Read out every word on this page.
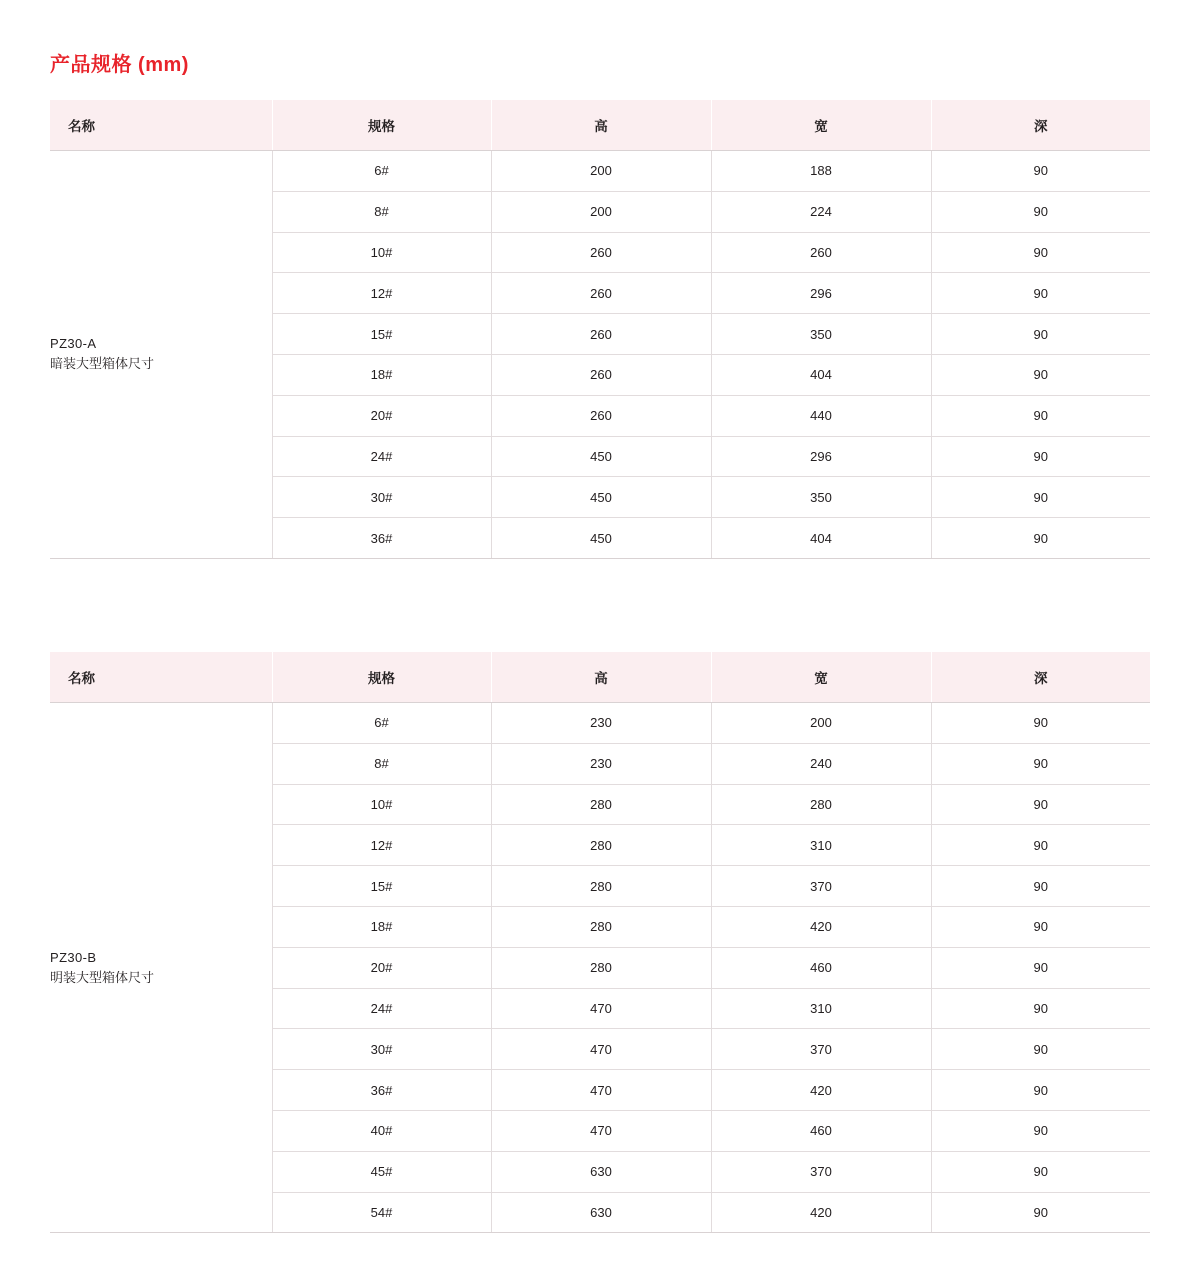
产品规格 (mm)
名称	规格	高	宽	深

PZ30-A
暗装大型箱体尺寸	6#	200	188	90
	8#	200	224	90
	10#	260	260	90
	12#	260	296	90
	15#	260	350	90
	18#	260	404	90
	20#	260	440	90
	24#	450	296	90
	30#	450	350	90
	36#	450	404	90
名称	规格	高	宽	深

PZ30-B
明装大型箱体尺寸	6#	230	200	90
	8#	230	240	90
	10#	280	280	90
	12#	280	310	90
	15#	280	370	90
	18#	280	420	90
	20#	280	460	90
	24#	470	310	90
	30#	470	370	90
	36#	470	420	90
	40#	470	460	90
	45#	630	370	90
	54#	630	420	90
